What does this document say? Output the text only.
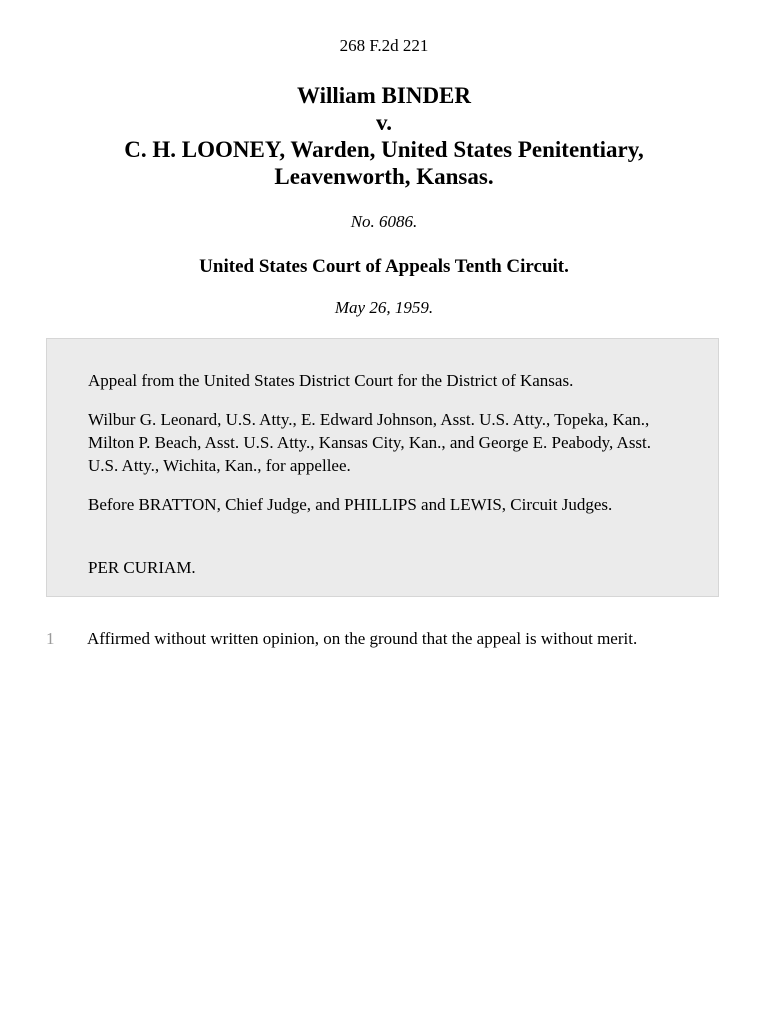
268 F.2d 221
William BINDER
v.
C. H. LOONEY, Warden, United States Penitentiary,
Leavenworth, Kansas.
No. 6086.
United States Court of Appeals Tenth Circuit.
May 26, 1959.

Appeal from the United States District Court for the District of Kansas.

Wilbur G. Leonard, U.S. Atty., E. Edward Johnson, Asst. U.S. Atty., Topeka, Kan., Milton P. Beach, Asst. U.S. Atty., Kansas City, Kan., and George E. Peabody, Asst. U.S. Atty., Wichita, Kan., for appellee.

Before BRATTON, Chief Judge, and PHILLIPS and LEWIS, Circuit Judges.

PER CURIAM.

1 Affirmed without written opinion, on the ground that the appeal is without merit.
